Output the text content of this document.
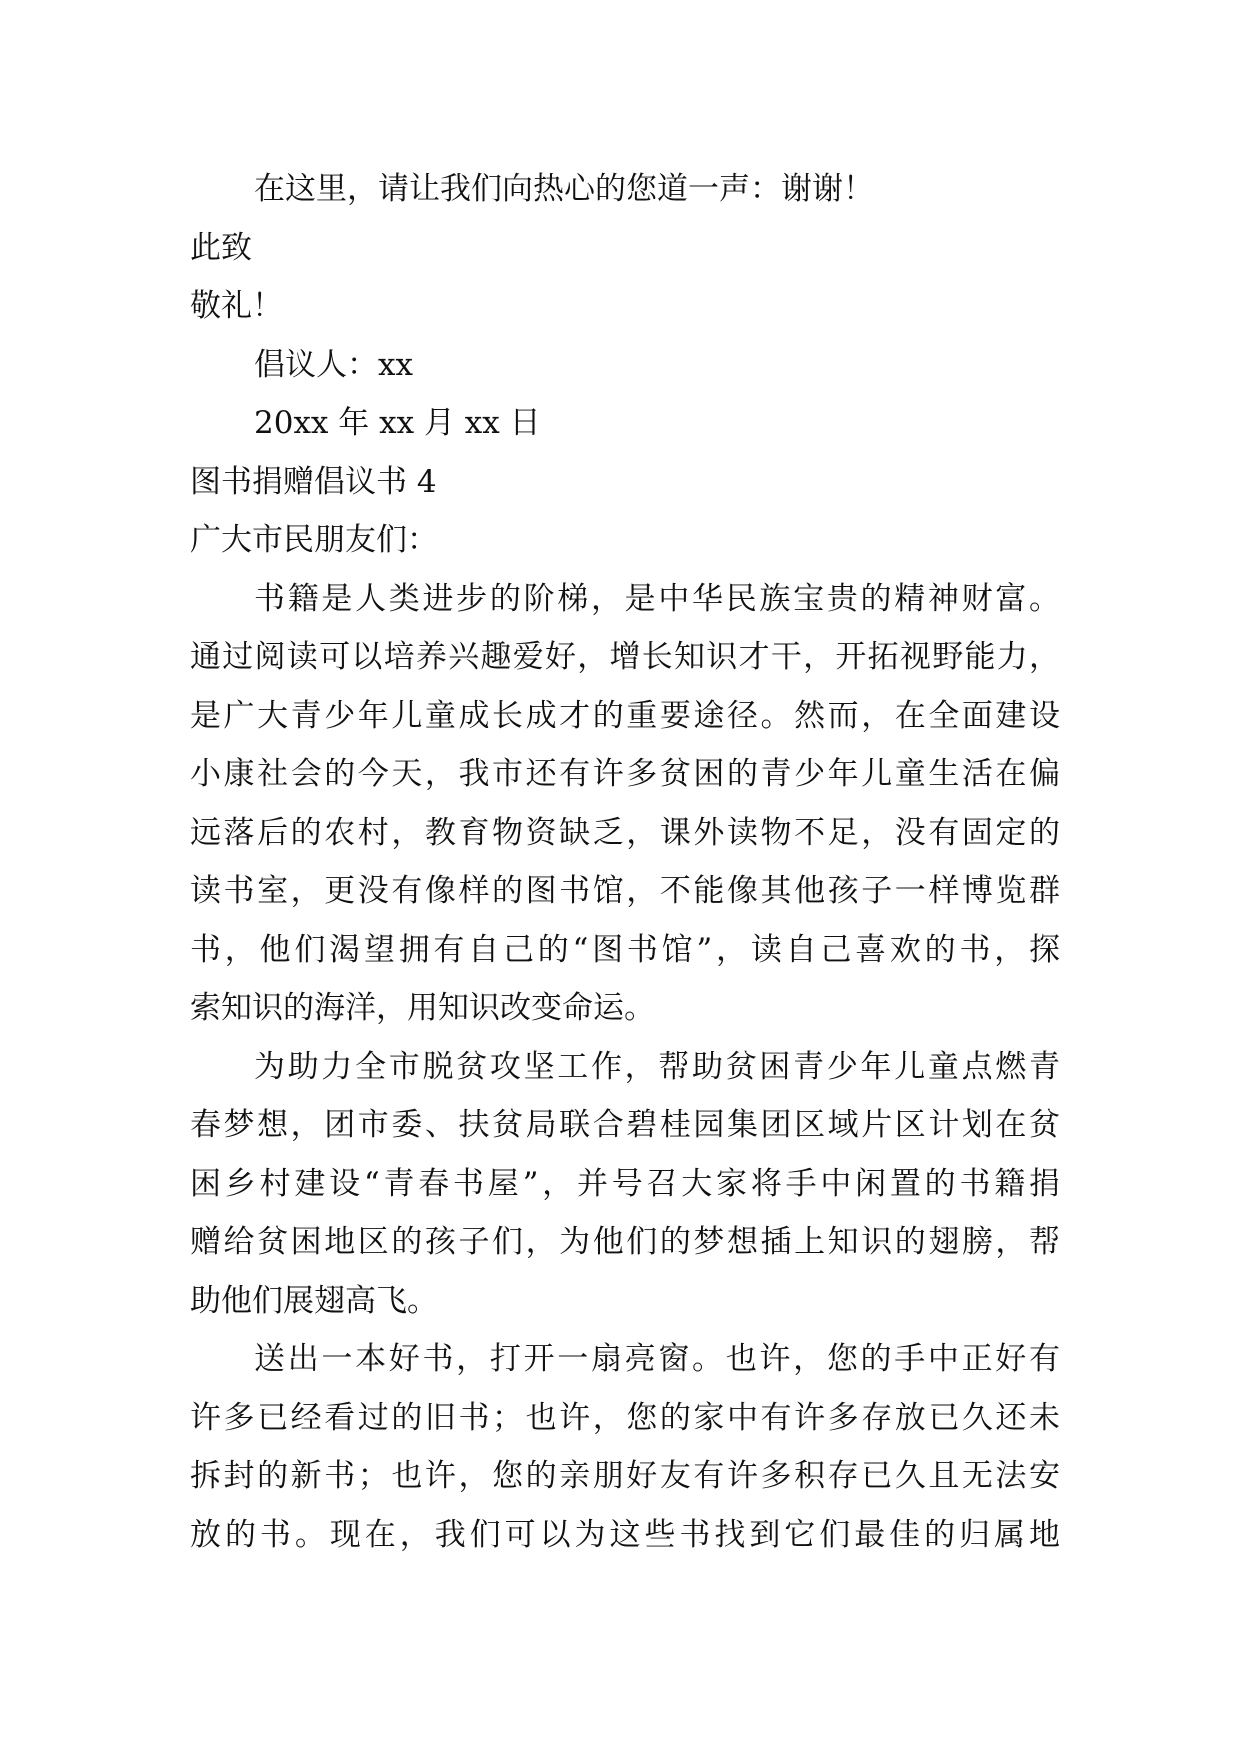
在这里，请让我们向热心的您道一声：谢谢！
此致
敬礼！
倡议人：xx
20xx 年 xx 月 xx 日
图书捐赠倡议书 4
广大市民朋友们：
书籍是人类进步的阶梯，是中华民族宝贵的精神财富。
通过阅读可以培养兴趣爱好，增长知识才干，开拓视野能力，
是广大青少年儿童成长成才的重要途径。然而，在全面建设
小康社会的今天，我市还有许多贫困的青少年儿童生活在偏
远落后的农村，教育物资缺乏，课外读物不足，没有固定的
读书室，更没有像样的图书馆，不能像其他孩子一样博览群
书，他们渴望拥有自己的“图书馆”，读自己喜欢的书，探
索知识的海洋，用知识改变命运。
为助力全市脱贫攻坚工作，帮助贫困青少年儿童点燃青
春梦想，团市委、扶贫局联合碧桂园集团区域片区计划在贫
困乡村建设“青春书屋”，并号召大家将手中闲置的书籍捐
赠给贫困地区的孩子们，为他们的梦想插上知识的翅膀，帮
助他们展翅高飞。
送出一本好书，打开一扇亮窗。也许，您的手中正好有
许多已经看过的旧书；也许，您的家中有许多存放已久还未
拆封的新书；也许，您的亲朋好友有许多积存已久且无法安
放的书。现在，我们可以为这些书找到它们最佳的归属地
